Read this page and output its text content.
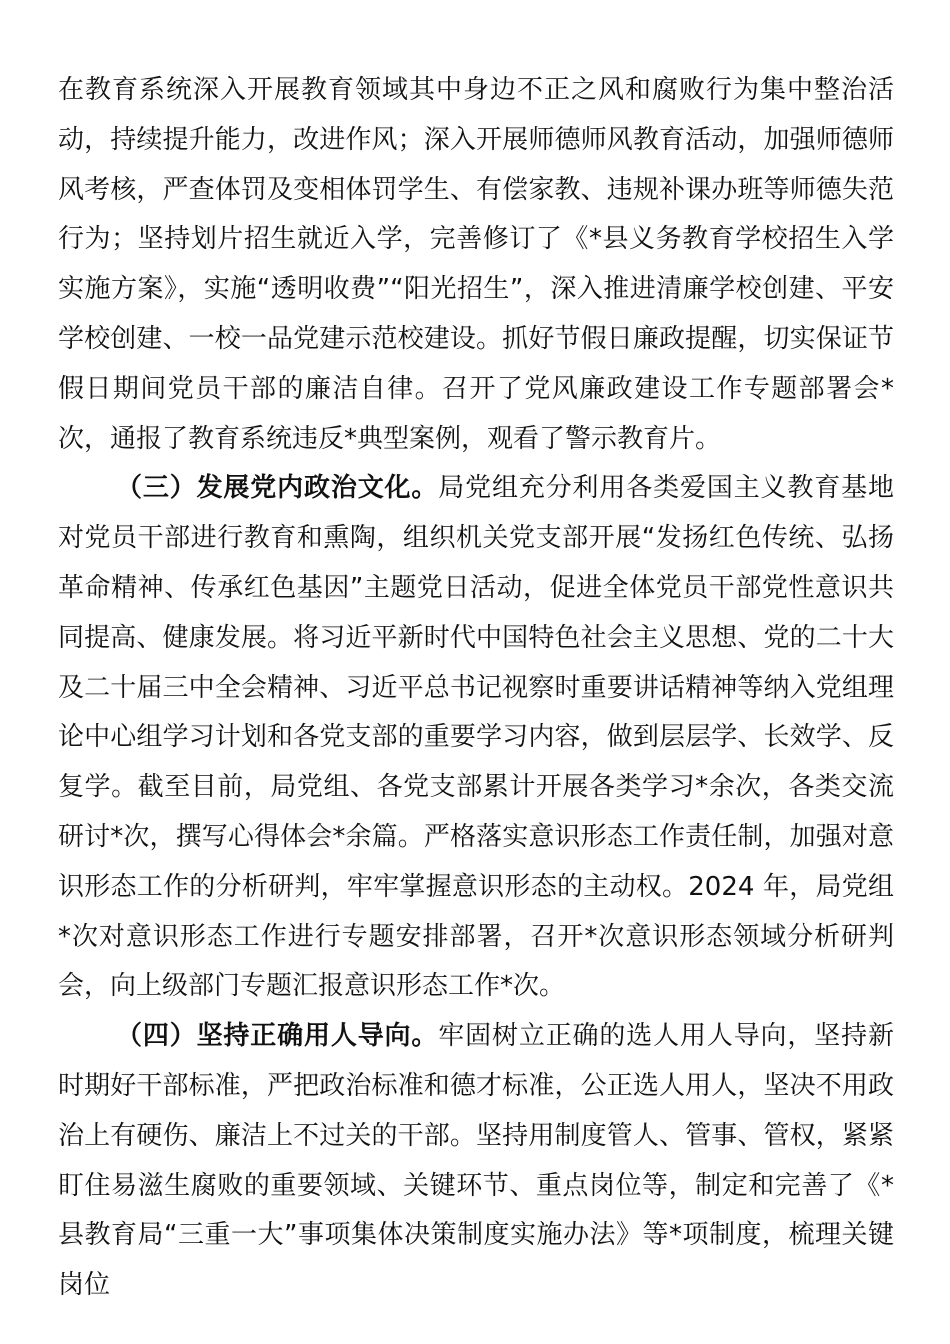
在教育系统深入开展教育领域其中身边不正之风和腐败行为集中整治活动，持续提升能力，改进作风；深入开展师德师风教育活动，加强师德师风考核，严查体罚及变相体罚学生、有偿家教、违规补课办班等师德失范行为；坚持划片招生就近入学，完善修订了《*县义务教育学校招生入学实施方案》，实施“透明收费”“阳光招生”，深入推进清廉学校创建、平安学校创建、一校一品党建示范校建设。抓好节假日廉政提醒，切实保证节假日期间党员干部的廉洁自律。召开了党风廉政建设工作专题部署会*次，通报了教育系统违反*典型案例，观看了警示教育片。

（三）发展党内政治文化。局党组充分利用各类爱国主义教育基地对党员干部进行教育和熏陶，组织机关党支部开展“发扬红色传统、弘扬革命精神、传承红色基因”主题党日活动，促进全体党员干部党性意识共同提高、健康发展。将习近平新时代中国特色社会主义思想、党的二十大及二十届三中全会精神、习近平总书记视察时重要讲话精神等纳入党组理论中心组学习计划和各党支部的重要学习内容，做到层层学、长效学、反复学。截至目前，局党组、各党支部累计开展各类学习*余次，各类交流研讨*次，撰写心得体会*余篇。严格落实意识形态工作责任制，加强对意识形态工作的分析研判，牢牢掌握意识形态的主动权。2024 年，局党组*次对意识形态工作进行专题安排部署，召开*次意识形态领域分析研判会，向上级部门专题汇报意识形态工作*次。

（四）坚持正确用人导向。牢固树立正确的选人用人导向，坚持新时期好干部标准，严把政治标准和德才标准，公正选人用人，坚决不用政治上有硬伤、廉洁上不过关的干部。坚持用制度管人、管事、管权，紧紧盯住易滋生腐败的重要领域、关键环节、重点岗位等，制定和完善了《*县教育局“三重一大”事项集体决策制度实施办法》等*项制度，梳理关键岗位
